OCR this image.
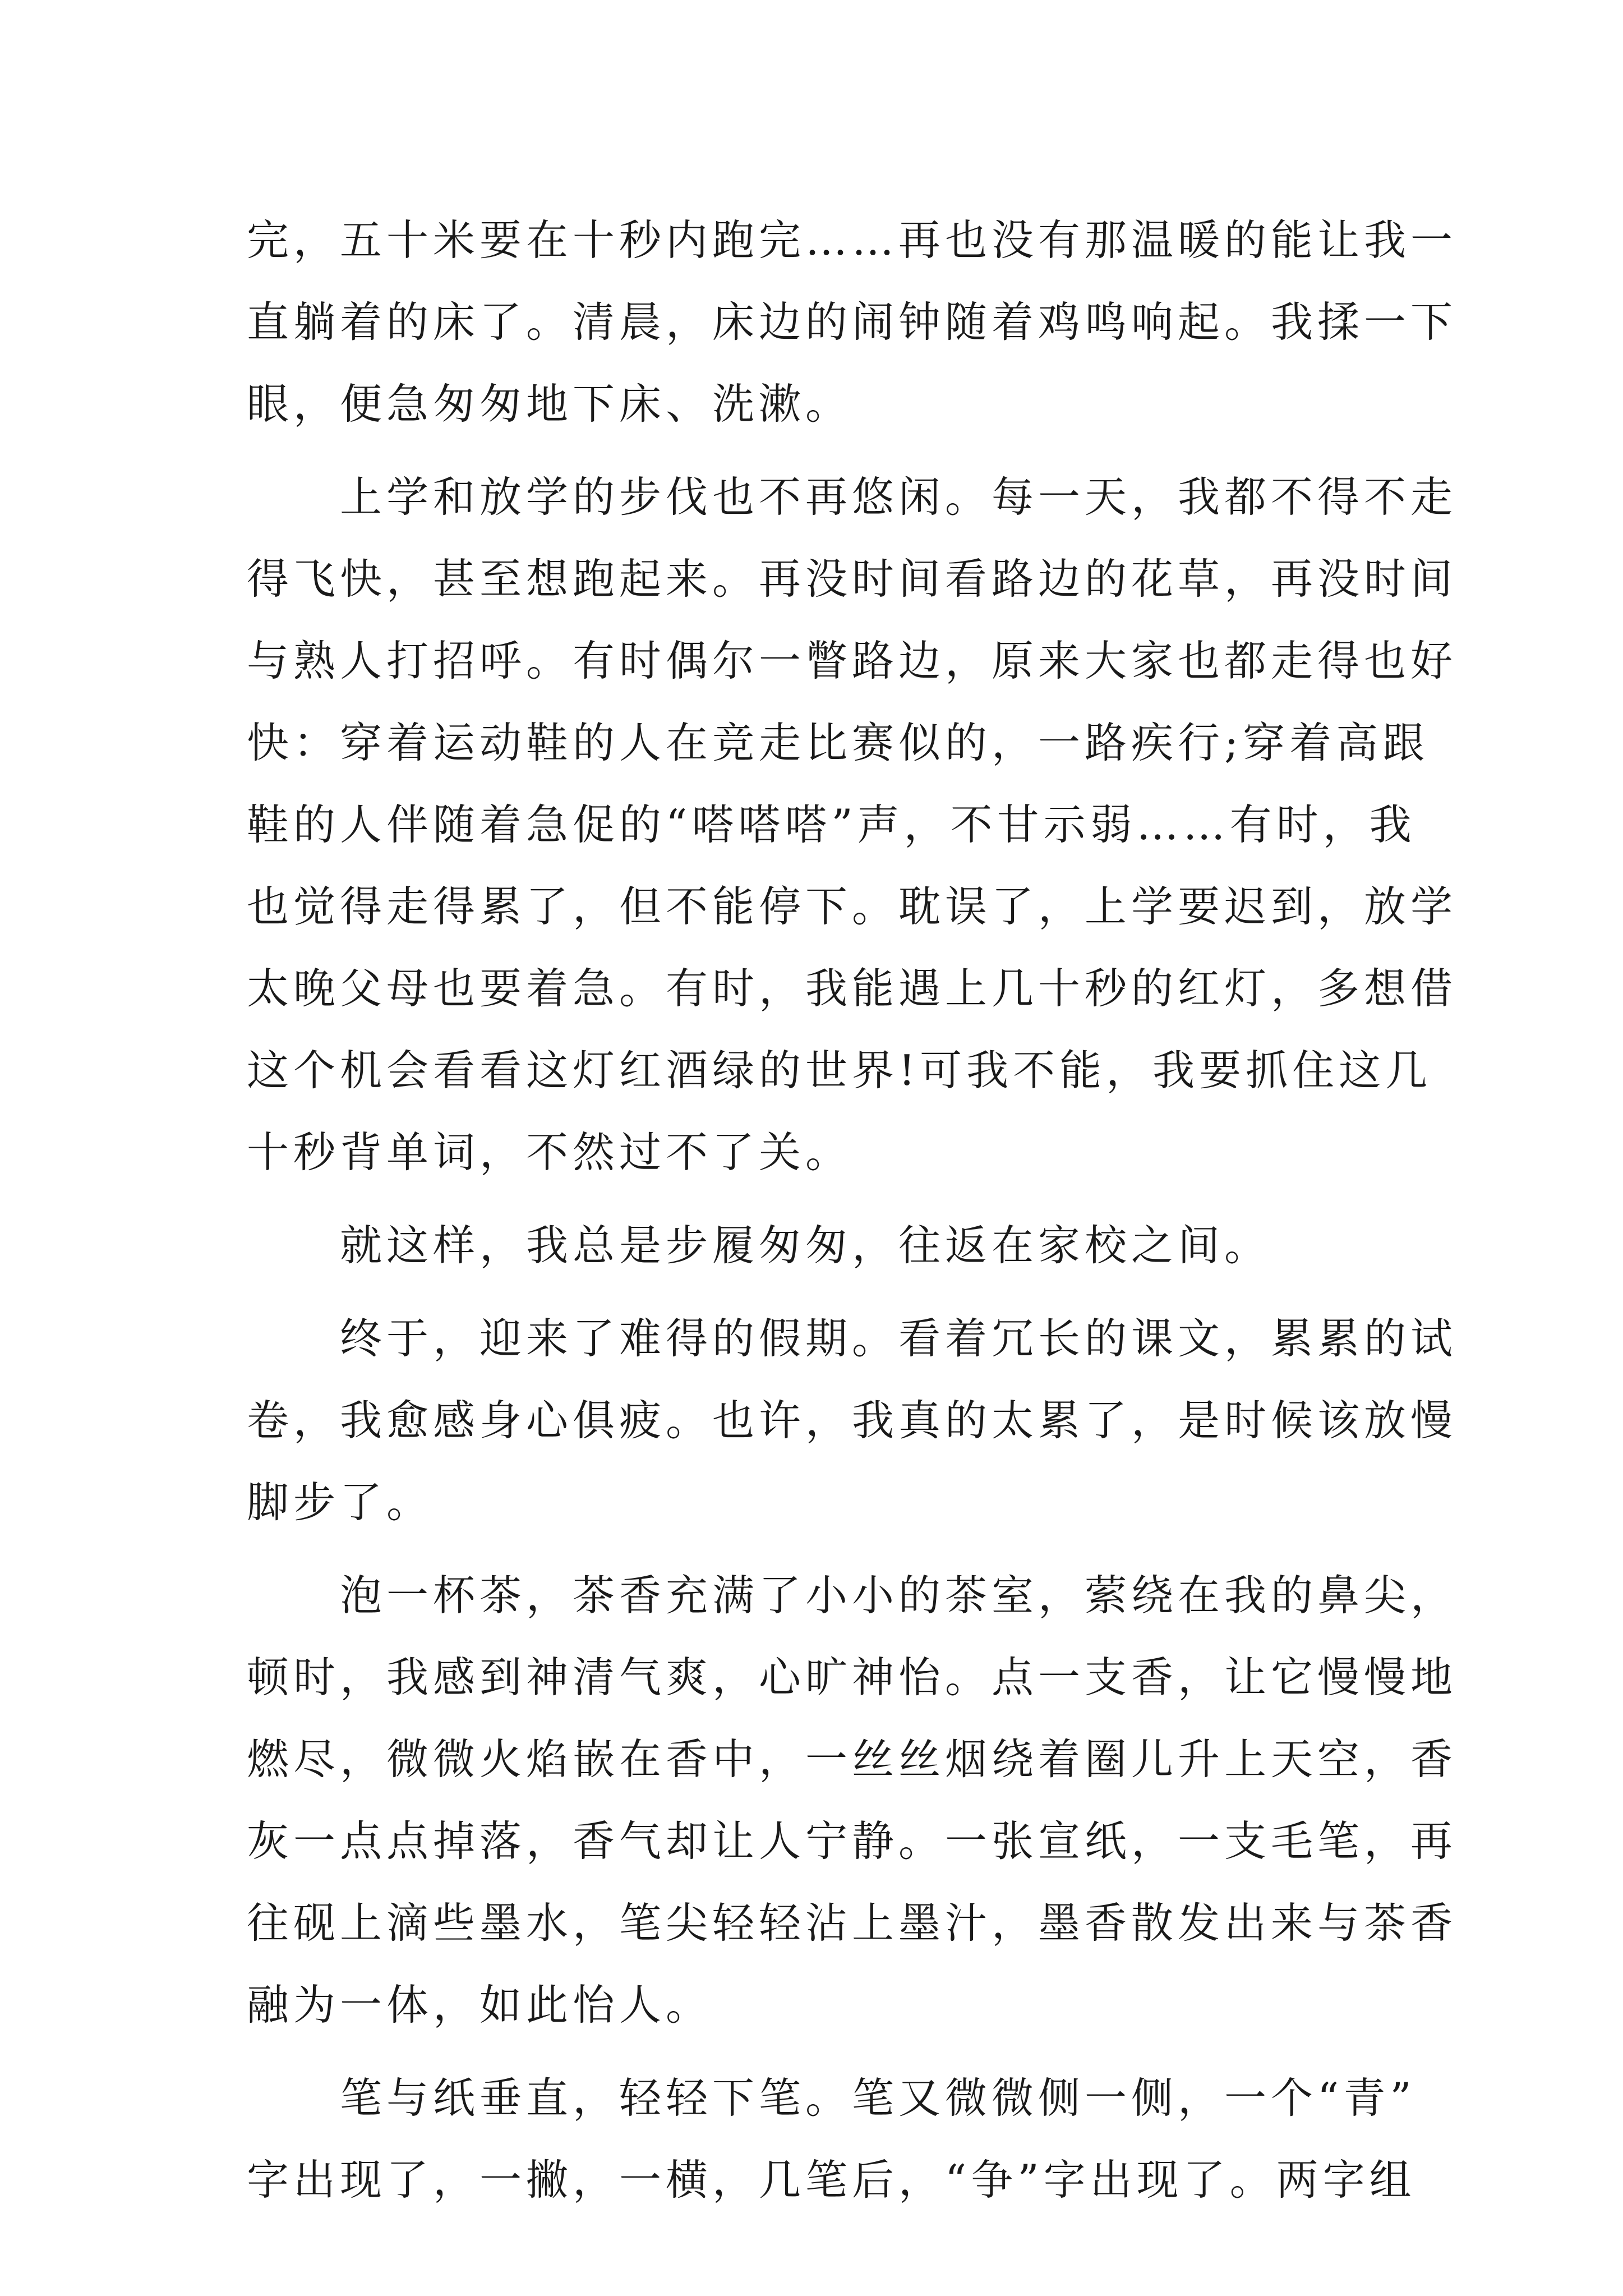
完，五十米要在十秒内跑完……再也没有那温暖的能让我一
直躺着的床了。清晨，床边的闹钟随着鸡鸣响起。我揉一下
眼，便急匆匆地下床、洗漱。
上学和放学的步伐也不再悠闲。每一天，我都不得不走
得飞快，甚至想跑起来。再没时间看路边的花草，再没时间
与熟人打招呼。有时偶尔一瞥路边，原来大家也都走得也好
快：穿着运动鞋的人在竞走比赛似的，一路疾行;穿着高跟
鞋的人伴随着急促的“嗒嗒嗒”声，不甘示弱……有时，我
也觉得走得累了，但不能停下。耽误了，上学要迟到，放学
太晚父母也要着急。有时，我能遇上几十秒的红灯，多想借
这个机会看看这灯红酒绿的世界!可我不能，我要抓住这几
十秒背单词，不然过不了关。
就这样，我总是步履匆匆，往返在家校之间。
终于，迎来了难得的假期。看着冗长的课文，累累的试
卷，我愈感身心俱疲。也许，我真的太累了，是时候该放慢
脚步了。
泡一杯茶，茶香充满了小小的茶室，萦绕在我的鼻尖，
顿时，我感到神清气爽，心旷神怡。点一支香，让它慢慢地
燃尽，微微火焰嵌在香中，一丝丝烟绕着圈儿升上天空，香
灰一点点掉落，香气却让人宁静。一张宣纸，一支毛笔，再
往砚上滴些墨水，笔尖轻轻沾上墨汁，墨香散发出来与茶香
融为一体，如此怡人。
笔与纸垂直，轻轻下笔。笔又微微侧一侧，一个“青”
字出现了，一撇，一横，几笔后，“争”字出现了。两字组
